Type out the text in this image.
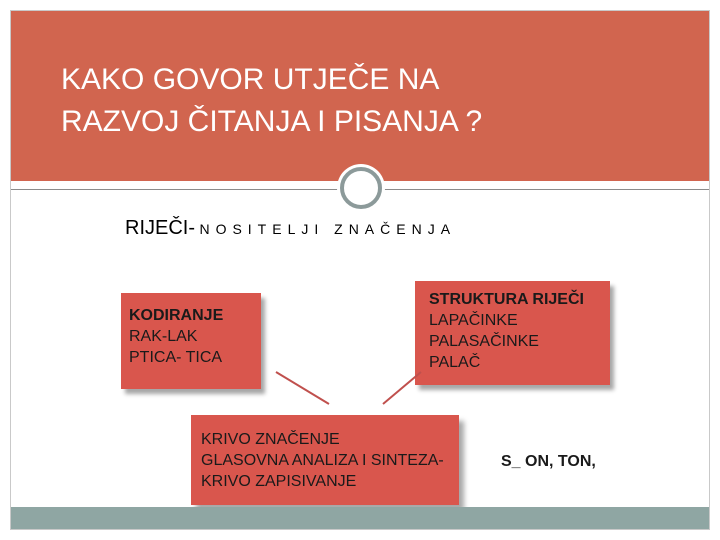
KAKO GOVOR UTJEČE NA
RAZVOJ ČITANJA I PISANJA ?
RIJEČI- NOSITELJI ZNAČENJA
KODIRANJE
RAK-LAK
PTICA- TICA
STRUKTURA RIJEČI
LAPAČINKE
PALASAČINKE
PALAČ
KRIVO ZNAČENJE
GLASOVNA ANALIZA I SINTEZA-
KRIVO ZAPISIVANJE
S_ ON, TON,
